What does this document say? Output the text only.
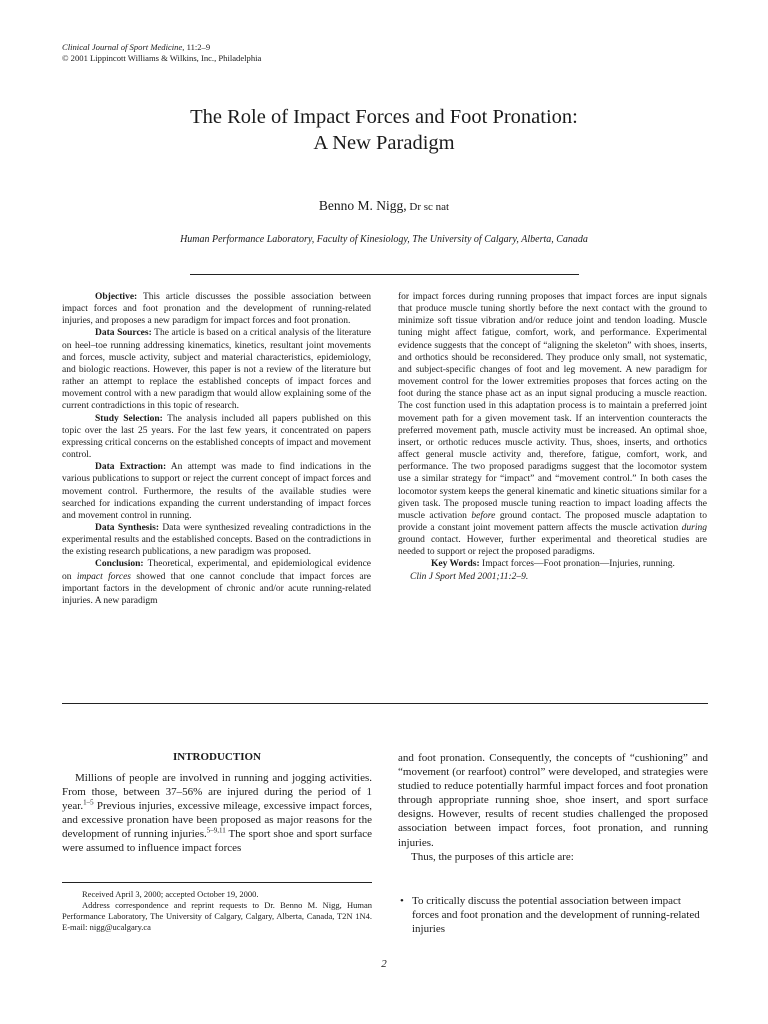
Clinical Journal of Sport Medicine, 11:2–9
© 2001 Lippincott Williams & Wilkins, Inc., Philadelphia
The Role of Impact Forces and Foot Pronation:
A New Paradigm
Benno M. Nigg, Dr sc nat
Human Performance Laboratory, Faculty of Kinesiology, The University of Calgary, Alberta, Canada

Objective: This article discusses the possible association between impact forces and foot pronation and the development of running-related injuries, and proposes a new paradigm for impact forces and foot pronation.

Data Sources: The article is based on a critical analysis of the literature on heel–toe running addressing kinematics, kinetics, resultant joint movements and forces, muscle activity, subject and material characteristics, epidemiology, and biologic reactions. However, this paper is not a review of the literature but rather an attempt to replace the established concepts of impact forces and movement control with a new paradigm that would allow explaining some of the current contradictions in this topic of research.

Study Selection: The analysis included all papers published on this topic over the last 25 years. For the last few years, it concentrated on papers expressing critical concerns on the established concepts of impact and movement control.

Data Extraction: An attempt was made to find indications in the various publications to support or reject the current concept of impact forces and movement control. Furthermore, the results of the available studies were searched for indications expanding the current understanding of impact forces and movement control in running.

Data Synthesis: Data were synthesized revealing contradictions in the experimental results and the established concepts. Based on the contradictions in the existing research publications, a new paradigm was proposed.

Conclusion: Theoretical, experimental, and epidemiological evidence on impact forces showed that one cannot conclude that impact forces are important factors in the development of chronic and/or acute running-related injuries. A new paradigm

for impact forces during running proposes that impact forces are input signals that produce muscle tuning shortly before the next contact with the ground to minimize soft tissue vibration and/or reduce joint and tendon loading. Muscle tuning might affect fatigue, comfort, work, and performance. Experimental evidence suggests that the concept of “aligning the skeleton” with shoes, inserts, and orthotics should be reconsidered. They produce only small, not systematic, and subject-specific changes of foot and leg movement. A new paradigm for movement control for the lower extremities proposes that forces acting on the foot during the stance phase act as an input signal producing a muscle reaction. The cost function used in this adaptation process is to maintain a preferred joint movement path for a given movement task. If an intervention counteracts the preferred movement path, muscle activity must be increased. An optimal shoe, insert, or orthotic reduces muscle activity. Thus, shoes, inserts, and orthotics affect general muscle activity and, therefore, fatigue, comfort, work, and performance. The two proposed paradigms suggest that the locomotor system use a similar strategy for “impact” and “movement control.” In both cases the locomotor system keeps the general kinematic and kinetic situations similar for a given task. The proposed muscle tuning reaction to impact loading affects the muscle activation before ground contact. The proposed muscle adaptation to provide a constant joint movement pattern affects the muscle activation during ground contact. However, further experimental and theoretical studies are needed to support or reject the proposed paradigms.

Key Words: Impact forces—Foot pronation—Injuries, running.

Clin J Sport Med 2001;11:2–9.

INTRODUCTION

Millions of people are involved in running and jogging activities. From those, between 37–56% are injured during the period of 1 year.$^{1-5}$ Previous injuries, excessive mileage, excessive impact forces, and excessive pronation have been proposed as major reasons for the development of running injuries.$^{5-9,11}$ The sport shoe and sport surface were assumed to influence impact forces

Received April 3, 2000; accepted October 19, 2000.

Address correspondence and reprint requests to Dr. Benno M. Nigg, Human Performance Laboratory, The University of Calgary, Calgary, Alberta, Canada, T2N 1N4. E-mail: nigg@ucalgary.ca

and foot pronation. Consequently, the concepts of “cushioning” and “movement (or rearfoot) control” were developed, and strategies were studied to reduce potentially harmful impact forces and foot pronation through appropriate running shoe, shoe insert, and sport surface designs. However, results of recent studies challenged the proposed association between impact forces, foot pronation, and running injuries.

Thus, the purposes of this article are:

• To critically discuss the potential association between impact forces and foot pronation and the development of running-related injuries
2
